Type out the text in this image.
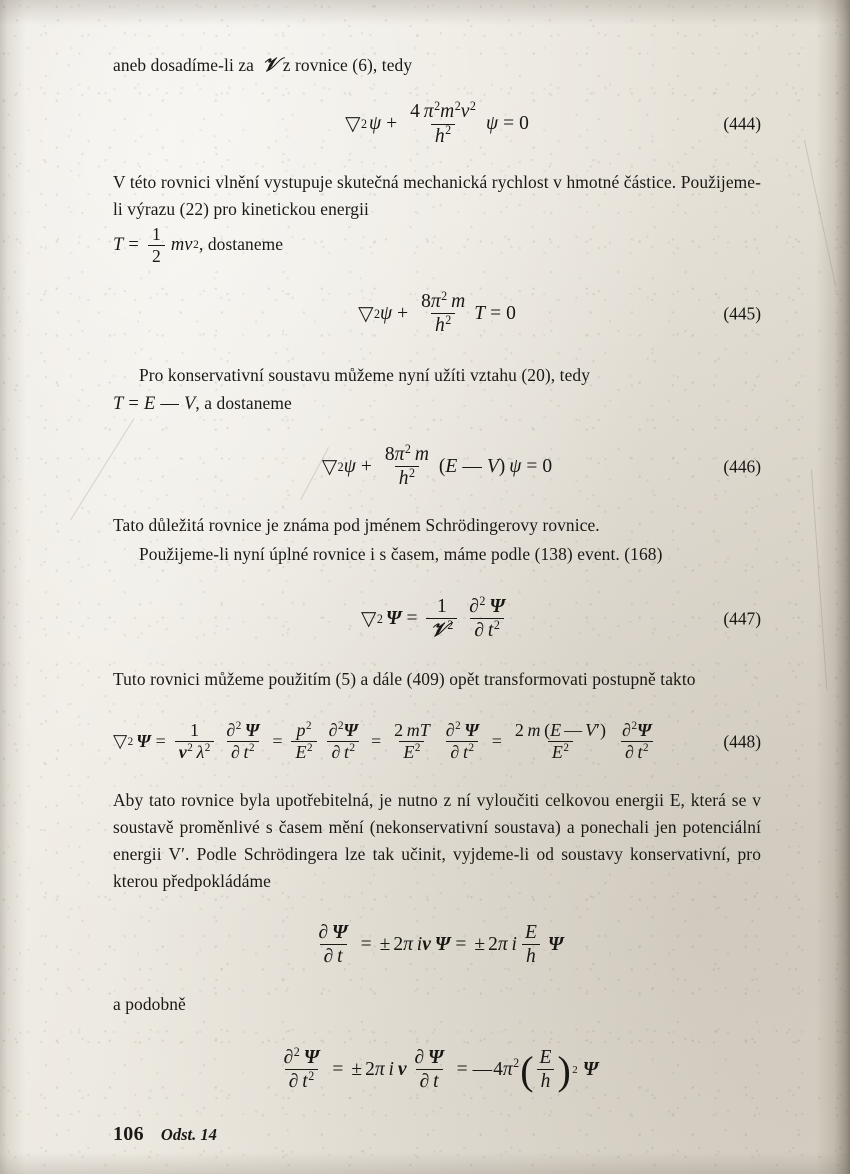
aneb dosadíme-li za 𝒱 z rovnice (6), tedy

▽ 2 $\psi + \frac{4 \pi^2m^2v^2}{h^2}$ ψ = 0	(444)

V této rovnici vlnění vystupuje skutečná mechanická rychlost v hmotné částice. Použijeme-li výrazu (22) pro kinetickou energii

$T = \frac{1}{2}$ m v 2 , dostaneme

▽ 2 $\psi + \frac{8\pi^2 m}{h^2}$ T = 0	(445)

Pro konservativní soustavu můžeme nyní užíti vztahu (20), tedy

T = E — V , a dostaneme

▽ 2 $\psi + \frac{8\pi^2 m}{h^2} (E$ — V) ψ = 0	(446)

Tato důležitá rovnice je známa pod jménem Schrödingerovy rovnice.

Použijeme-li nyní úplné rovnice i s časem, máme podle (138) event. (168)

▽ 2 $\Psi = \frac{1}{𝒱^2} \frac{\partial^2 \Psi}{\partial t^2}$	(447)

Tuto rovnici můžeme použitím (5) a dále (409) opět transformovati postupně takto

▽ 2 $\Psi = \frac{1}{\nu^2 \lambda^2} \frac{\partial^2 \Psi}{\partial t^2} = \frac{p^2}{E^2} \frac{\partial^2\Psi}{\partial t^2} = \frac{2 mT}{E^2} \frac{\partial^2 \Psi}{\partial t^2} = \frac{2 m (E — V')}{E^2} \frac{\partial^2\Psi}{\partial t^2}$	(448)

Aby tato rovnice byla upotřebitelná, je nutno z ní vyloučiti celkovou energii E, která se v soustavě proměnlivé s časem mění (nekonservativní soustava) a ponechali jen potenciální energii V′. Podle Schrödingera lze tak učinit, vyjdeme-li od soustavy konservativní, pro kterou předpokládáme

$\frac{\partial \Psi}{\partial t}$ = ± 2π  iν  Ψ = ± 2π  i $\frac{E}{h}$ Ψ

a podobně

$\frac{\partial^2 \Psi}{\partial t^2}$ = ± 2π  i  ν $\frac{\partial \Psi}{\partial t}$ = — $4\pi^2$ ( $\frac{E}{h}$ ) 2 Ψ
106 Odst. 14
